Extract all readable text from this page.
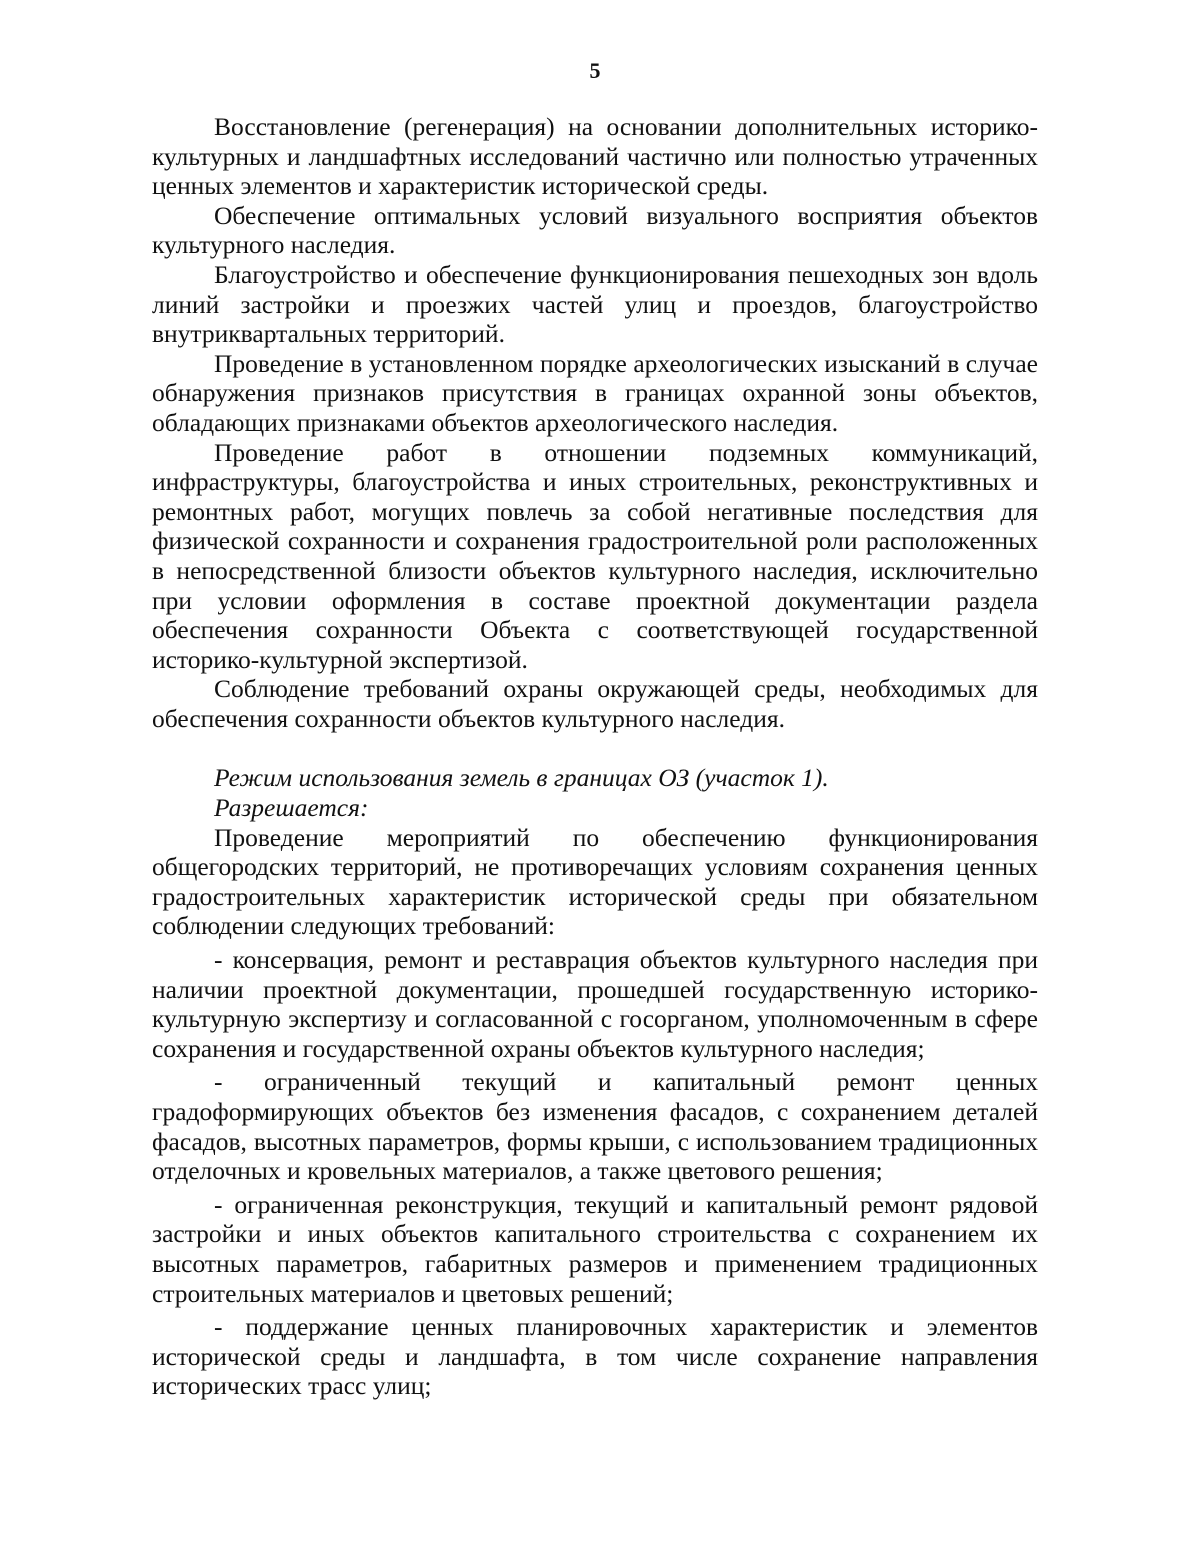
5

Восстановление (регенерация) на основании дополнительных историко-культурных и ландшафтных исследований частично или полностью утраченных ценных элементов и характеристик исторической среды.

Обеспечение оптимальных условий визуального восприятия объектов культурного наследия.

Благоустройство и обеспечение функционирования пешеходных зон вдоль линий застройки и проезжих частей улиц и проездов, благоустройство внутриквартальных территорий.

Проведение в установленном порядке археологических изысканий в случае обнаружения признаков присутствия в границах охранной зоны объектов, обладающих признаками объектов археологического наследия.

Проведение работ в отношении подземных коммуникаций, инфраструктуры, благоустройства и иных строительных, реконструктивных и ремонтных работ, могущих повлечь за собой негативные последствия для физической сохранности и сохранения градостроительной роли расположенных в непосредственной близости объектов культурного наследия, исключительно при условии оформления в составе проектной документации раздела обеспечения сохранности Объекта с соответствующей государственной историко-культурной экспертизой.

Соблюдение требований охраны окружающей среды, необходимых для обеспечения сохранности объектов культурного наследия.

Режим использования земель в границах ОЗ (участок 1).

Разрешается:

Проведение мероприятий по обеспечению функционирования общегородских территорий, не противоречащих условиям сохранения ценных градостроительных характеристик исторической среды при обязательном соблюдении следующих требований:

- консервация, ремонт и реставрация объектов культурного наследия при наличии проектной документации, прошедшей государственную историко-культурную экспертизу и согласованной с госорганом, уполномоченным в сфере сохранения и государственной охраны объектов культурного наследия;

- ограниченный текущий и капитальный ремонт ценных градоформирующих объектов без изменения фасадов, с сохранением деталей фасадов, высотных параметров, формы крыши, с использованием традиционных отделочных и кровельных материалов, а также цветового решения;

- ограниченная реконструкция, текущий и капитальный ремонт рядовой застройки и иных объектов капитального строительства с сохранением их высотных параметров, габаритных размеров и применением традиционных строительных материалов и цветовых решений;

- поддержание ценных планировочных характеристик и элементов исторической среды и ландшафта, в том числе сохранение направления исторических трасс улиц;
